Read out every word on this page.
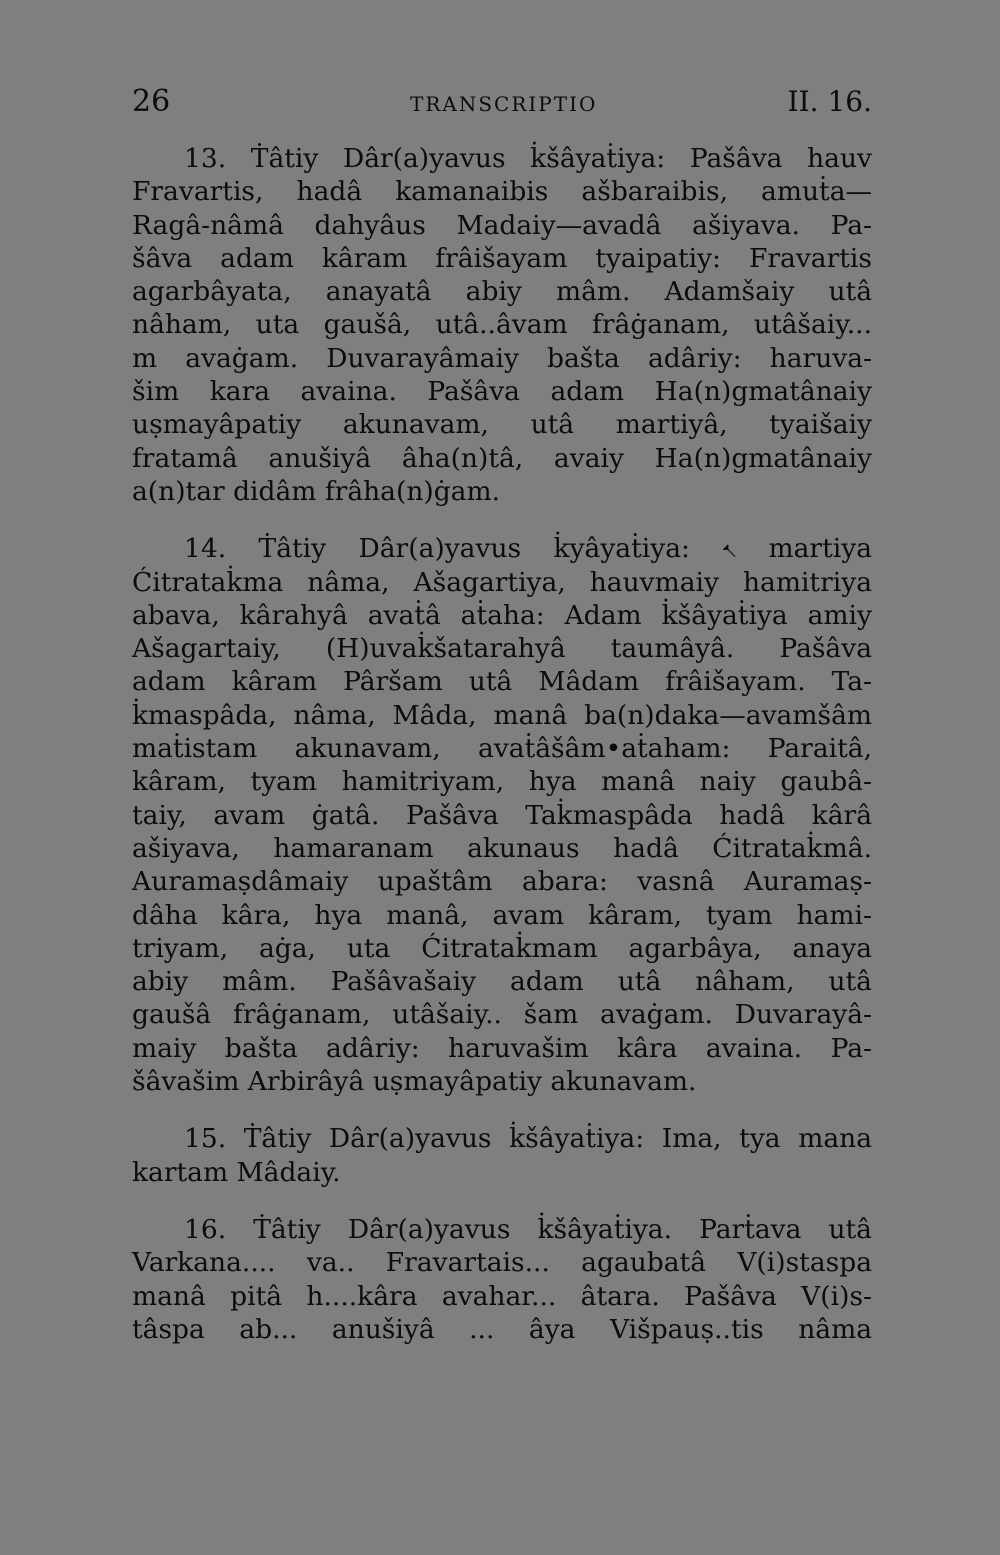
26	TRANSCRIPTIO	II. 16.

13. Ṫâtiy Dâr(a)yavus k̇šâyaṫiya: Pašâva hauv
Fravartis, hadâ kamanaibis ašbaraibis, amuṫa—
Ragâ-nâmâ dahyâus Madaiy—avadâ ašiyava. Pa-
šâva adam kâram frâišayam tyaipatiy: Fravartis
agarbâyata, anayatâ abiy mâm. Adamšaiy utâ
nâham, uta gaušâ, utâ..âvam frâġanam, utâšaiy...
m avaġam. Duvarayâmaiy bašta adâriy: haruva-
šim kara avaina. Pašâva adam Ha(n)gmatânaiy
uṣmayâpatiy akunavam, utâ martiyâ, tyaišaiy
fratamâ anušiyâ âha(n)tâ, avaiy Ha(n)gmatânaiy
a(n)tar didâm frâha(n)ġam.

14. Ṫâtiy Dâr(a)yavus k̇yâyaṫiya: 𐏐 martiya
Ćitratak̇ma nâma, Ašagartiya, hauvmaiy hamitriya
abava, kârahyâ avaṫâ aṫaha: Adam k̇šâyaṫiya amiy
Ašagartaiy, (H)uvak̇šatarahyâ taumâyâ. Pašâva
adam kâram Pâršam utâ Mâdam frâišayam. Ta-
k̇maspâda, nâma, Mâda, manâ ba(n)daka—avamšâm
maṫistam akunavam, avaṫâšâm•aṫaham: Paraitâ,
kâram, tyam hamitriyam, hya manâ naiy gaubâ-
taiy, avam ġatâ. Pašâva Tak̇maspâda hadâ kârâ
ašiyava, hamaranam akunaus hadâ Ćitratak̇mâ.
Auramaṣdâmaiy upaštâm abara: vasnâ Auramaṣ-
dâha kâra, hya manâ, avam kâram, tyam hami-
triyam, aġa, uta Ćitratak̇mam agarbâya, anaya
abiy mâm. Pašâvašaiy adam utâ nâham, utâ
gaušâ frâġanam, utâšaiy.. šam avaġam. Duvarayâ-
maiy bašta adâriy: haruvašim kâra avaina. Pa-
šâvašim Arbirâyâ uṣmayâpatiy akunavam.

15. Ṫâtiy Dâr(a)yavus k̇šâyaṫiya: Ima, tya mana
kartam Mâdaiy.

16. Ṫâtiy Dâr(a)yavus k̇šâyaṫiya. Parṫava utâ
Varkana.... va.. Fravartais... agaubatâ V(i)staspa
manâ pitâ h....kâra avahar... âtara. Pašâva V(i)s-
tâspa ab... anušiyâ ... âya Višpauṣ..tis nâma
